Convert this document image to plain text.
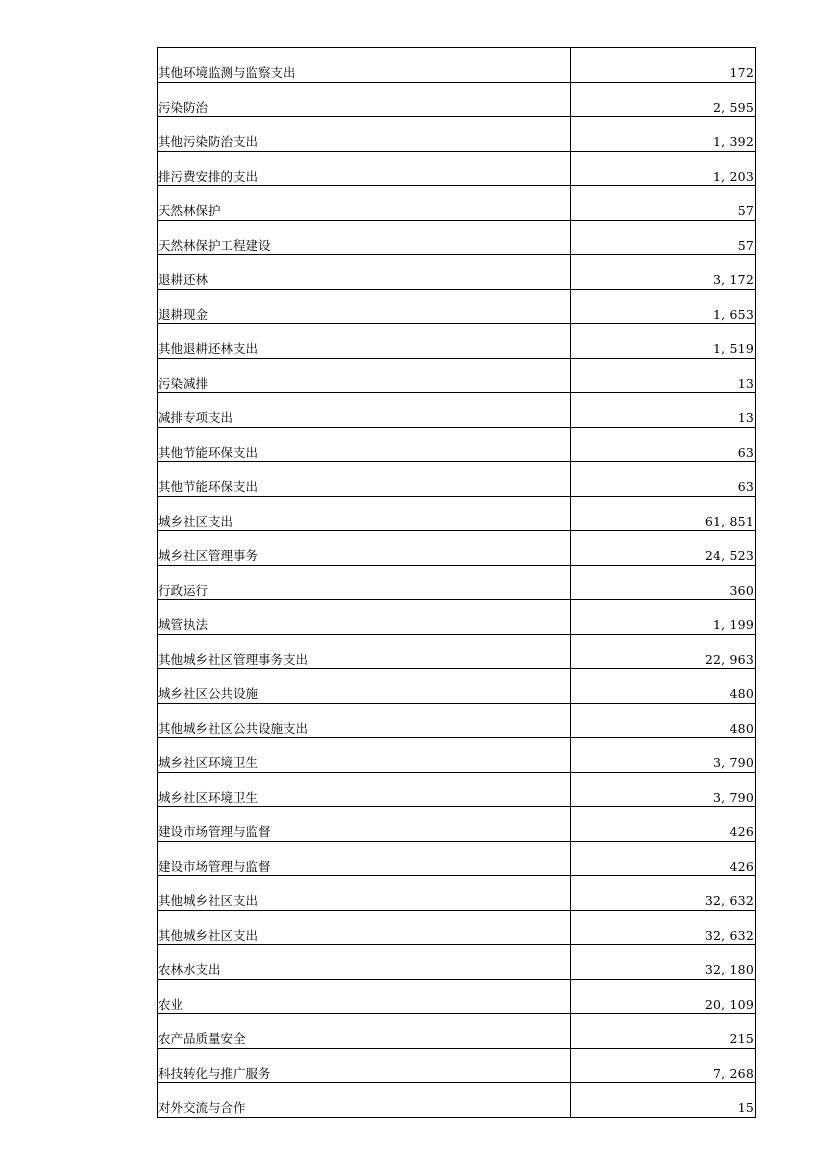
其他环境监测与监察支出	172
污染防治	2, 595
其他污染防治支出	1, 392
排污费安排的支出	1, 203
天然林保护	57
天然林保护工程建设	57
退耕还林	3, 172
退耕现金	1, 653
其他退耕还林支出	1, 519
污染减排	13
减排专项支出	13
其他节能环保支出	63
其他节能环保支出	63
城乡社区支出	61, 851
城乡社区管理事务	24, 523
行政运行	360
城管执法	1, 199
其他城乡社区管理事务支出	22, 963
城乡社区公共设施	480
其他城乡社区公共设施支出	480
城乡社区环境卫生	3, 790
城乡社区环境卫生	3, 790
建设市场管理与监督	426
建设市场管理与监督	426
其他城乡社区支出	32, 632
其他城乡社区支出	32, 632
农林水支出	32, 180
农业	20, 109
农产品质量安全	215
科技转化与推广服务	7, 268
对外交流与合作	15
